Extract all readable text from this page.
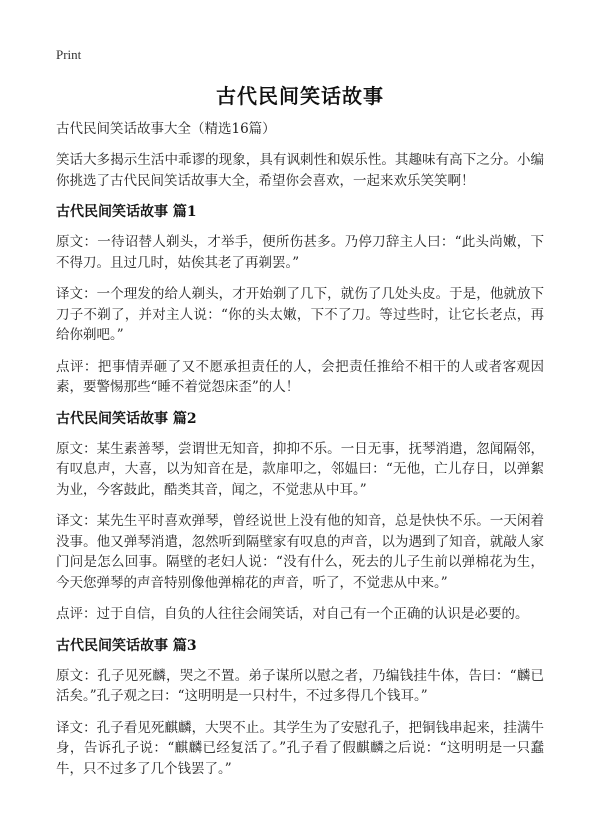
Print
古代民间笑话故事
古代民间笑话故事大全（精选16篇）
笑话大多揭示生活中乖谬的现象，具有讽刺性和娱乐性。其趣味有高下之分。小编你挑选了古代民间笑话故事大全，希望你会喜欢，一起来欢乐笑笑啊！
古代民间笑话故事 篇1
原文：一待诏替人剃头，才举手，便所伤甚多。乃停刀辞主人曰：“此头尚嫩，下不得刀。且过几时，姑俟其老了再剃罢。”
译文：一个理发的给人剃头，才开始剃了几下，就伤了几处头皮。于是，他就放下刀子不剃了，并对主人说：“你的头太嫩，下不了刀。等过些时，让它长老点，再给你剃吧。”
点评：把事情弄砸了又不愿承担责任的人，会把责任推给不相干的人或者客观因素，要警惕那些“睡不着觉怨床歪”的人！
古代民间笑话故事 篇2
原文：某生素善琴，尝谓世无知音，抑抑不乐。一日无事，抚琴消遣，忽闻隔邻，有叹息声，大喜，以为知音在是，款扉叩之，邻媪曰：“无他，亡儿存日，以弹絮为业，今客鼓此，酷类其音，闻之，不觉悲从中耳。”
译文：某先生平时喜欢弹琴，曾经说世上没有他的知音，总是快快不乐。一天闲着没事。他又弹琴消遣，忽然听到隔壁家有叹息的声音，以为遇到了知音，就敲人家门问是怎么回事。隔壁的老妇人说：“没有什么，死去的儿子生前以弹棉花为生，今天您弹琴的声音特别像他弹棉花的声音，听了，不觉悲从中来。”
点评：过于自信，自负的人往往会闹笑话，对自己有一个正确的认识是必要的。
古代民间笑话故事 篇3
原文：孔子见死麟，哭之不置。弟子谋所以慰之者，乃编钱挂牛体，告曰：“麟已活矣。”孔子观之曰：“这明明是一只村牛，不过多得几个钱耳。”
译文：孔子看见死麒麟，大哭不止。其学生为了安慰孔子，把铜钱串起来，挂满牛身，告诉孔子说：“麒麟已经复活了。”孔子看了假麒麟之后说：“这明明是一只蠢牛，只不过多了几个钱罢了。”
